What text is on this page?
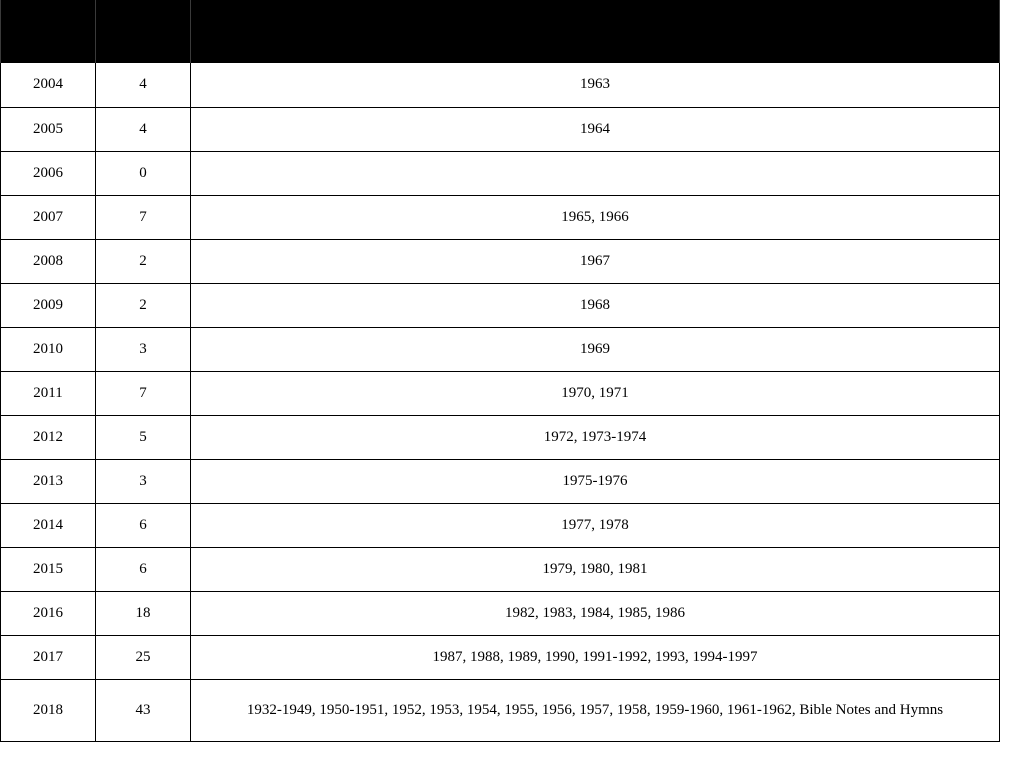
2004	4	1963
2005	4	1964
2006	0	
2007	7	1965, 1966
2008	2	1967
2009	2	1968
2010	3	1969
2011	7	1970, 1971
2012	5	1972, 1973-1974
2013	3	1975-1976
2014	6	1977, 1978
2015	6	1979, 1980, 1981
2016	18	1982, 1983, 1984, 1985, 1986
2017	25	1987, 1988, 1989, 1990, 1991-1992, 1993, 1994-1997
2018	43	1932-1949, 1950-1951, 1952, 1953, 1954, 1955, 1956, 1957, 1958, 1959-1960, 1961-1962, Bible Notes and Hymns
